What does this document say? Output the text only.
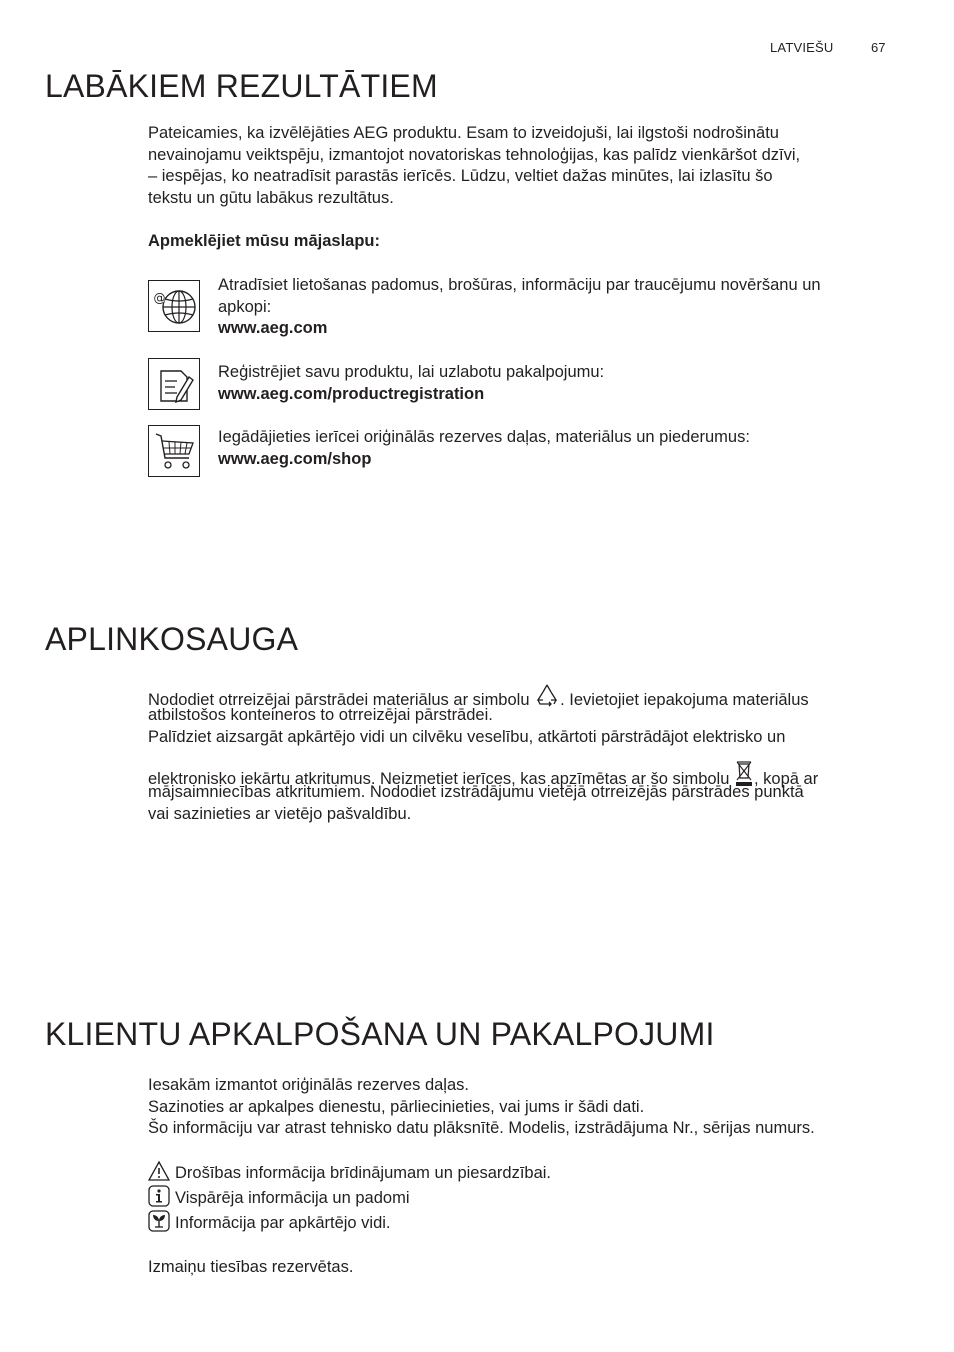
LATVIEŠU	67
LABĀKIEM REZULTĀTIEM

Pateicamies, ka izvēlējāties AEG produktu. Esam to izveidojuši, lai ilgstoši nodrošinātu
nevainojamu veiktspēju, izmantojot novatoriskas tehnoloģijas, kas palīdz vienkāršot dzīvi,
– iespējas, ko neatradīsit parastās ierīcēs. Lūdzu, veltiet dažas minūtes, lai izlasītu šo
tekstu un gūtu labākus rezultātus.

Apmeklējiet mūsu mājaslapu:

@
Atradīsiet lietošanas padomus, brošūras, informāciju par traucējumu novēršanu un
apkopi:
www.aeg.com
Reģistrējiet savu produktu, lai uzlabotu pakalpojumu:
www.aeg.com/productregistration
Iegādājieties ierīcei oriģinālās rezerves daļas, materiālus un piederumus:
www.aeg.com/shop
APLINKOSAUGA
Nododiet otrreizējai pārstrādei materiālus ar simbolu . Ievietojiet iepakojuma materiālus
atbilstošos konteineros to otrreizējai pārstrādei.
Palīdziet aizsargāt apkārtējo vidi un cilvēku veselību, atkārtoti pārstrādājot elektrisko un
elektronisko iekārtu atkritumus. Neizmetiet ierīces, kas apzīmētas ar šo simbolu , kopā ar
mājsaimniecības atkritumiem. Nododiet izstrādājumu vietējā otrreizējās pārstrādes punktā
vai sazinieties ar vietējo pašvaldību.
KLIENTU APKALPOŠANA UN PAKALPOJUMI

Iesakām izmantot oriģinālās rezerves daļas.
Sazinoties ar apkalpes dienestu, pārliecinieties, vai jums ir šādi dati.
Šo informāciju var atrast tehnisko datu plāksnītē. Modelis, izstrādājuma Nr., sērijas numurs.

Drošības informācija brīdinājumam un piesardzībai.
Vispārēja informācija un padomi
Informācija par apkārtējo vidi.

Izmaiņu tiesības rezervētas.
